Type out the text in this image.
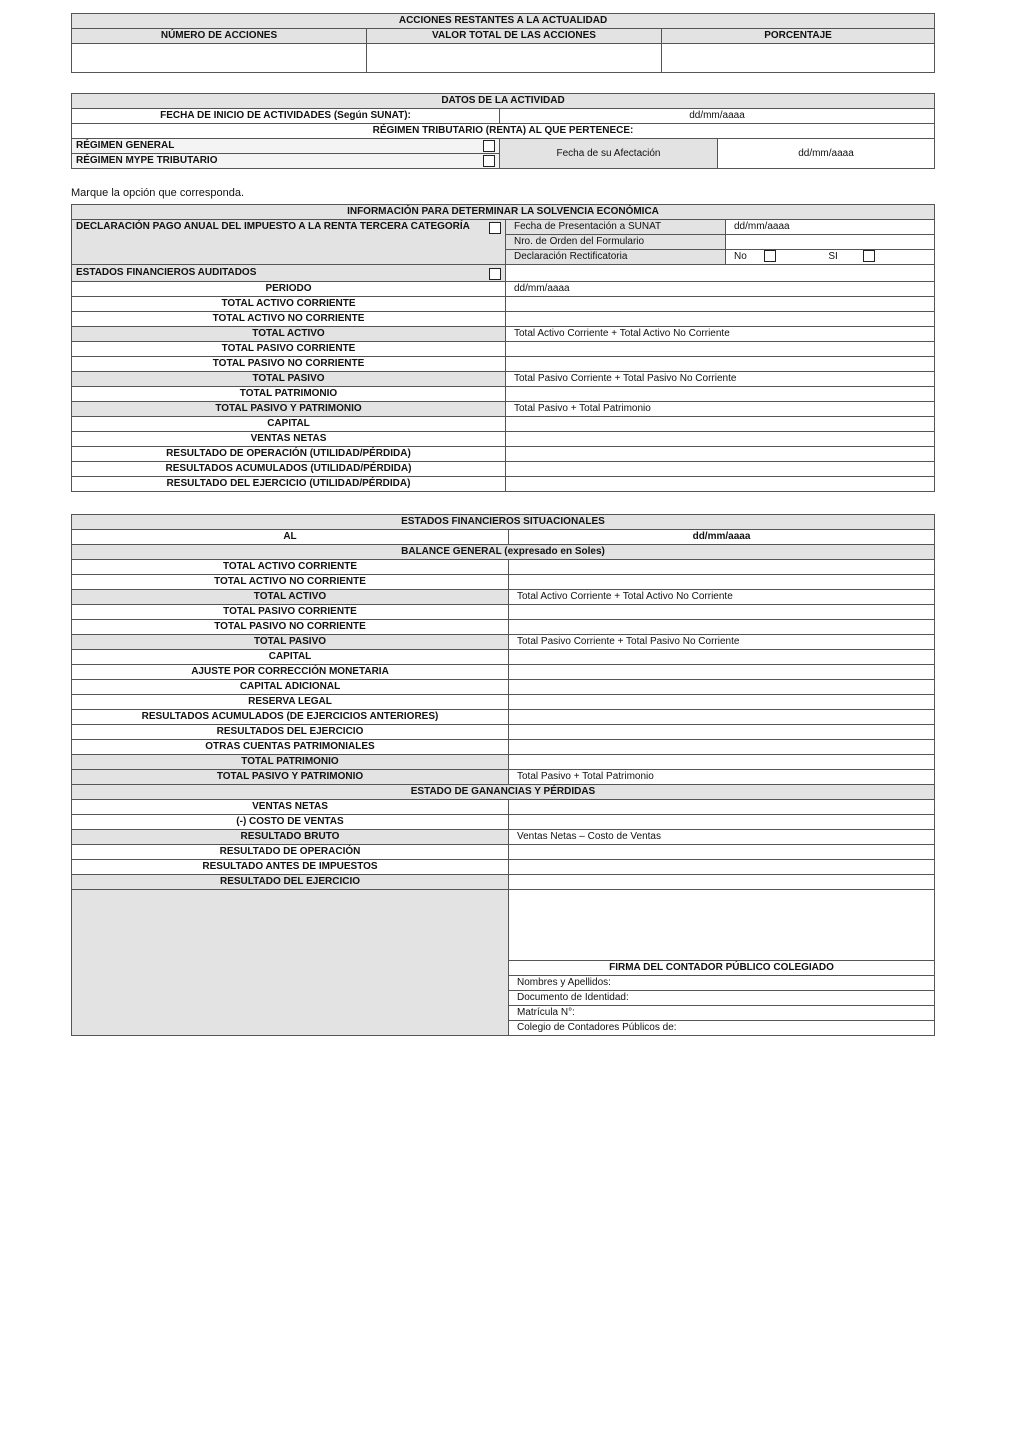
ACCIONES RESTANTES A LA ACTUALIDAD		
NÚMERO DE ACCIONES	VALOR TOTAL DE LAS ACCIONES	PORCENTAJE

DATOS DE LA ACTIVIDAD		
FECHA DE INICIO DE ACTIVIDADES (Según SUNAT):	dd/mm/aaaa	
RÉGIMEN TRIBUTARIO (RENTA) AL QUE PERTENECE:		
RÉGIMEN GENERAL	Fecha de su Afectación	dd/mm/aaaa
RÉGIMEN MYPE TRIBUTARIO		
Marque la opción que corresponda.
INFORMACIÓN PARA DETERMINAR LA SOLVENCIA ECONÓMICA		
DECLARACIÓN PAGO ANUAL DEL IMPUESTO A LA RENTA TERCERA CATEGORÍA	Fecha de Presentación a SUNAT	dd/mm/aaaa
	Nro. de Orden del Formulario	
	Declaración Rectificatoria	No SI
ESTADOS FINANCIEROS AUDITADOS	

PERIODO	dd/mm/aaaa	
TOTAL ACTIVO CORRIENTE		
TOTAL ACTIVO NO CORRIENTE		
TOTAL ACTIVO	Total Activo Corriente + Total Activo No Corriente	
TOTAL PASIVO CORRIENTE		
TOTAL PASIVO NO CORRIENTE		
TOTAL PASIVO	Total Pasivo Corriente + Total Pasivo No Corriente	
TOTAL PATRIMONIO		
TOTAL PASIVO Y PATRIMONIO	Total Pasivo + Total Patrimonio	
CAPITAL		
VENTAS NETAS		
RESULTADO DE OPERACIÓN (UTILIDAD/PÉRDIDA)		
RESULTADOS ACUMULADOS (UTILIDAD/PÉRDIDA)		
RESULTADO DEL EJERCICIO (UTILIDAD/PÉRDIDA)		
ESTADOS FINANCIEROS SITUACIONALES	
AL	dd/mm/aaaa
BALANCE GENERAL (expresado en Soles)	
TOTAL ACTIVO CORRIENTE	
TOTAL ACTIVO NO CORRIENTE	
TOTAL ACTIVO	Total Activo Corriente + Total Activo No Corriente
TOTAL PASIVO CORRIENTE	
TOTAL PASIVO NO CORRIENTE	
TOTAL PASIVO	Total Pasivo Corriente + Total Pasivo No Corriente
CAPITAL	
AJUSTE POR CORRECCIÓN MONETARIA	
CAPITAL ADICIONAL	
RESERVA LEGAL	
RESULTADOS ACUMULADOS (DE EJERCICIOS ANTERIORES)	
RESULTADOS DEL EJERCICIO	
OTRAS CUENTAS PATRIMONIALES	
TOTAL PATRIMONIO	
TOTAL PASIVO Y PATRIMONIO	Total Pasivo + Total Patrimonio
ESTADO DE GANANCIAS Y PÉRDIDAS	
VENTAS NETAS	
(-) COSTO DE VENTAS	
RESULTADO BRUTO	Ventas Netas – Costo de Ventas
RESULTADO DE OPERACIÓN	
RESULTADO ANTES DE IMPUESTOS	
RESULTADO DEL EJERCICIO	

	FIRMA DEL CONTADOR PÚBLICO COLEGIADO
	Nombres y Apellidos:
	Documento de Identidad:
	Matrícula N°:
	Colegio de Contadores Públicos de:
